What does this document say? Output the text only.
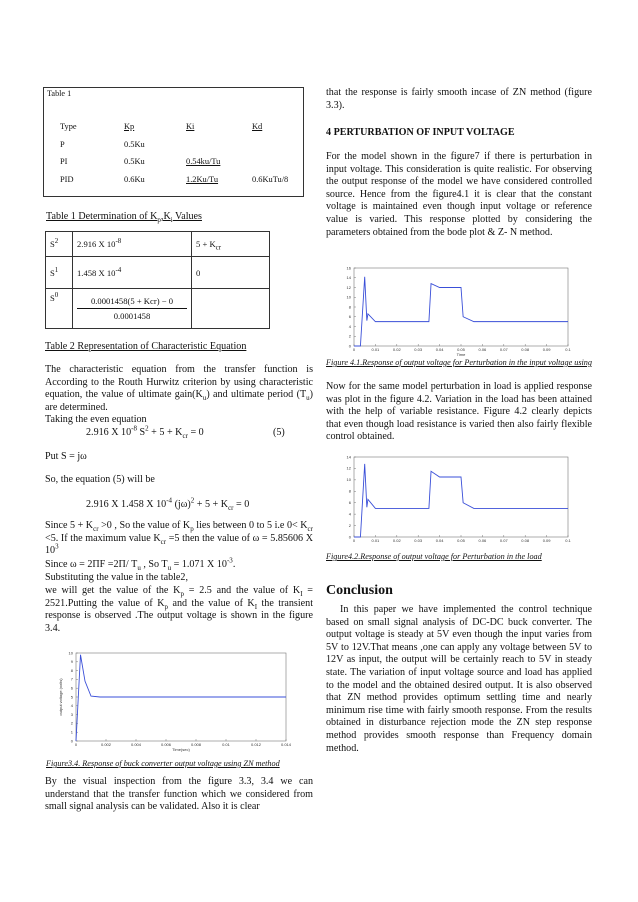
Table 1
Type	Kp	Ki	Kd
P	0.5Ku		
PI	0.5Ku	0.54ku/Tu	
PID	0.6Ku	1.2Ku/Tu	0.6KuTu/8
Table 1 Determination of $K_p,K_i$ Values
$S^2$	2.916 X $10^{-8}$	$5 + K_{cr}$
$S^1$	1.458 X $10^{-4}$	0
$S^0$	0.0001458(5 + Kcr) − 0
0.0001458	

Table 2 Representation of Characteristic Equation
The characteristic equation from the transfer function is According to the Routh Hurwitz criterion by using characteristic equation, the value of ultimate $gain(K_u)$ and ultimate period $(T_u)$ are determined.
Taking the even equation
2.916 X $10^{-8}$ $S^2 + 5 + K_{cr} = 0$	(5)
Put S = jω
So, the equation (5) will be
2.916 X 1.458 X $10^{-4}$ $(j\omega)^2 + 5 + K_{cr} = 0$
Since $5 + K_{cr} >0$ , So the value of $K_p$ lies between 0 to 5 i.e $0< K_{cr} <5$. If the maximum value $K_{cr} =5$ then the value of ω = 5.85606 X $10^3$
Since ω = 2ΠF =2Π/ $T_u$ , So $T_u = 1.071$ X $10^{-3}$.
Substituting the value in the table2,
we will get the value of the $K_p = 2.5$ and the value of $K_I$ = 2521.Putting the value of $K_p$ and the value of $K_I$ the transient response is observed .The output voltage is shown in the figure 3.4.
0
1
2
3
4
5
6
7
8
9
10
0	0.002	0.004	0.006	0.008	0.01	0.012	0.014
Time(sec)
output voltage (volts)
Figure3.4. Response of buck converter output voltage using ZN method
By the visual inspection from the figure 3.3, 3.4 we can understand that the transfer function which we considered from small signal analysis can be validated. Also it is clear
that the response is fairly smooth incase of ZN method (figure 3.3).
4 PERTURBATION OF INPUT VOLTAGE
For the model shown in the figure7 if there is perturbation in input voltage. This consideration is quite realistic. For observing the output response of the model we have considered controlled source. Hence from the figure4.1 it is clear that the constant voltage is maintained even though input voltage or reference value is varied. This response plotted by considering the parameters obtained from the bode plot & Z- N method.
0
2
4
6
8
10
12
14
16
0	0.01	0.02	0.03	0.04	0.05	0.06	0.07	0.08	0.09	0.1
Time
Figure 4.1.Response of output voltage for Perturbation in the input voltage using
Now for the same model perturbation in load is applied response was plot in the figure 4.2. Variation in the load has been attained with the help of variable resistance. Figure 4.2 clearly depicts that even though load resistance is varied then also fairly flexible control obtained.
0
2
4
6
8
10
12
14
0	0.01	0.02	0.03	0.04	0.05	0.06	0.07	0.08	0.09	0.1
Figure4.2.Response of output voltage for Perturbation in the load
Conclusion
In this paper we have implemented the control technique based on small signal analysis of DC-DC buck converter. The output voltage is steady at 5V even though the input varies from 5V to 12V.That means ,one can apply any voltage between 5V to 12V as input, the output will be certainly reach to 5V in steady state. The variation of input voltage source and load has applied to the model and the obtained desired output. It is also observed that ZN method provides optimum settling time and nearly minimum rise time with fairly smooth response. From the results obtained in disturbance rejection mode the ZN step response method provides smooth response than Frequency domain method.
